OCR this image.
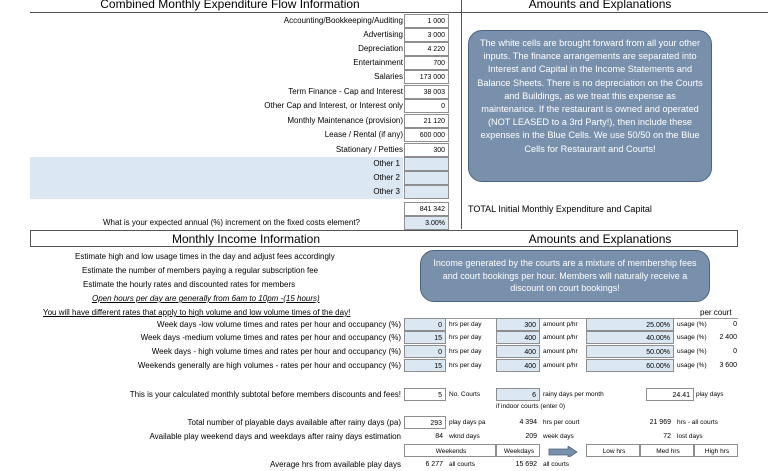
Combined Monthly Expenditure Flow Information	Amounts and Explanations
Accounting/Bookkeeping/Auditing	1 000
Advertising	3 000
Depreciation	4 220
Entertainment	700
Salaries	173 000
Term Finance - Cap and Interest	38 003
Other Cap and Interest, or Interest only	0
Monthly Maintenance (provision)	21 120
Lease / Rental (if any)	600 000
Stationary / Petties	300
Other 1
Other 2
Other 3
841 342	TOTAL Initial Monthly Expenditure and Capital
What is your expected annual (%) increment on the fixed costs element?	3.00%
The white cells are brought forward from all your other inputs. The finance arrangements are separated into Interest and Capital in the Income Statements and Balance Sheets. There is no depreciation on the Courts and Buildings, as we treat this expense as maintenance. If the restaurant is owned and operated (NOT LEASED to a 3rd Party!), then include these expenses in the Blue Cells. We use 50/50 on the Blue Cells for Restaurant and Courts!
Monthly Income Information	Amounts and Explanations
Estimate high and low usage times in the day and adjust fees accordingly
Estimate the number of members paying a regular subscription fee
Estimate the hourly rates and discounted rates for members
Open hours per day are generally from 6am to 10pm -(15 hours)
You will have different rates that apply to high volume and low volume times of the day!	per court
Income generated by the courts are a mixture of membership fees and court bookings per hour. Members will naturally receive a discount on court bookings!
Week days -low volume times and rates per hour and occupancy (%)	0	hrs per day	300	amount p/hr	25.00%	usage (%)	0
Week days -medium volume times and rates per hour and occupancy (%)	15	hrs per day	400	amount p/hr	40.00%	usage (%)	2 400
Week days - high volume times and rates per hour and occupancy (%)	0	hrs per day	400	amount p/hr	50.00%	usage (%)	0
Weekends generally are high volumes - rates per hour and occupancy (%)	15	hrs per day	400	amount p/hr	60.00%	usage (%)	3 600
This is your calculated monthly subtotal before members discounts and fees!	5	No. Courts	6	rainy days per month	24.41 play days
if indoor courts (enter 0)
Total number of playable days available after rainy days (pa)	293	play days pa	4 394 hrs per court	21 969 hrs - all courts
Available play weekend days and weekdays after rainy days estimation	84 wknd days	209 week days	72 lost days
Weekends	Weekdays	Low hrs	Med hrs	High hrs
Average hrs from available play days	6 277 all courts	15 692 all courts
